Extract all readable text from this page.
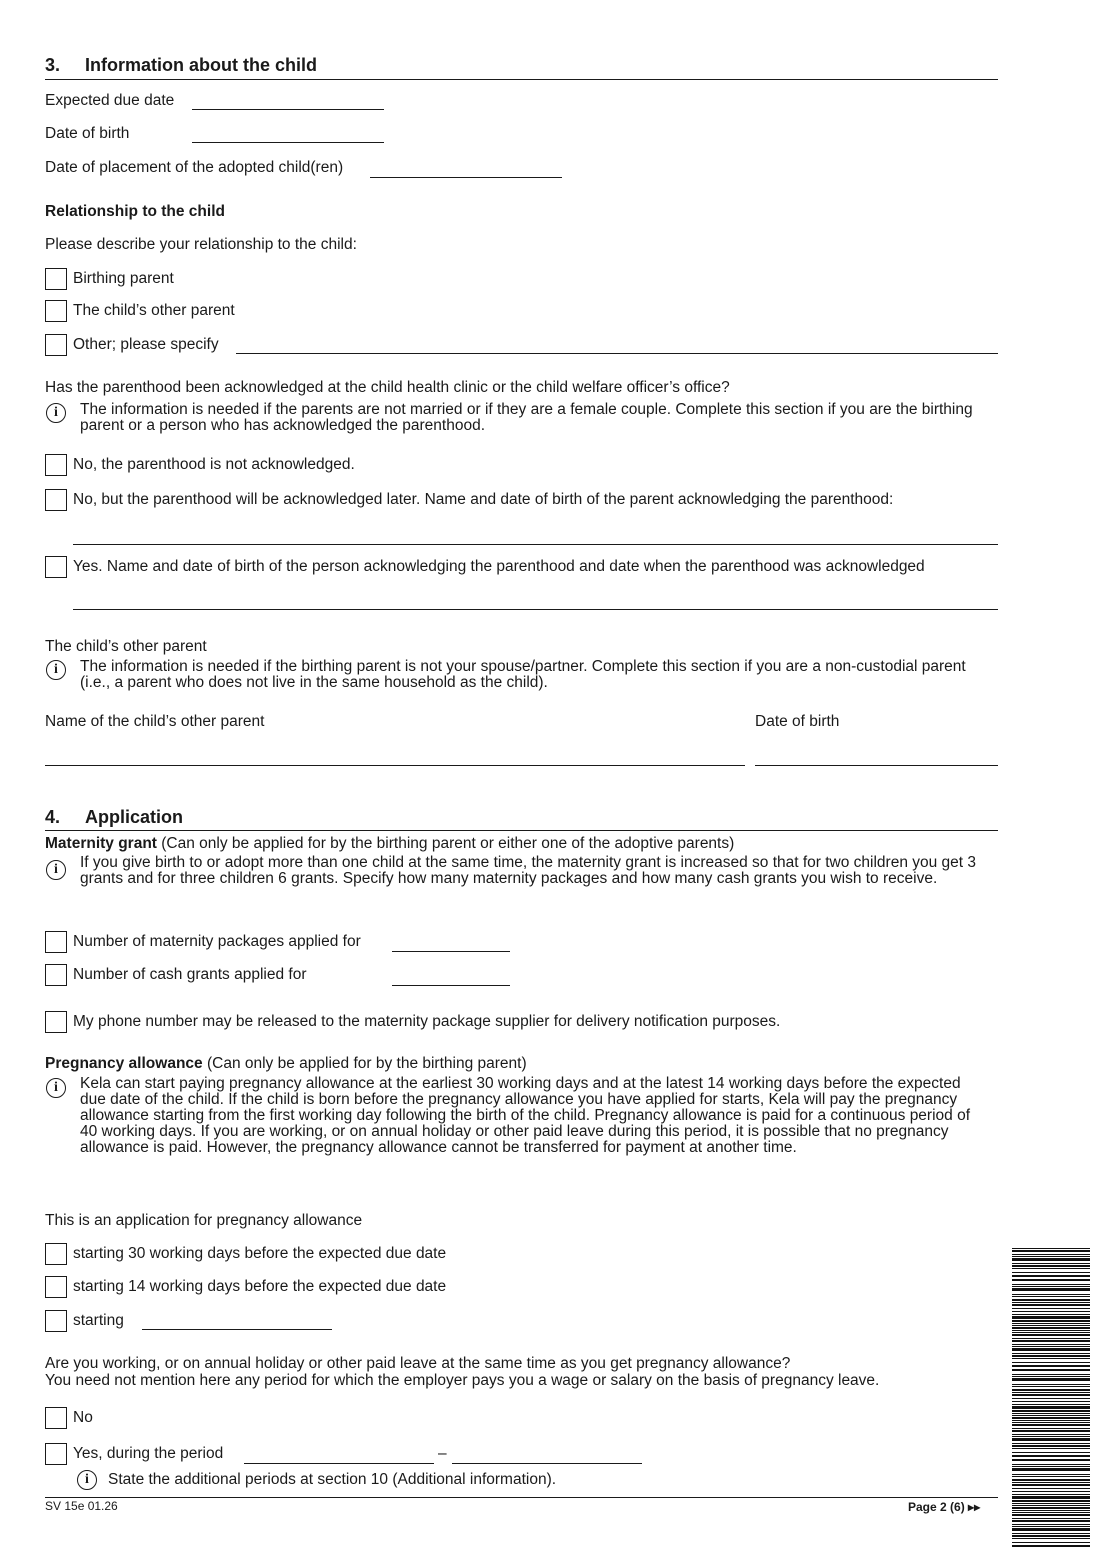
3. Information about the child
Expected due date
Date of birth
Date of placement of the adopted child(ren)
Relationship to the child
Please describe your relationship to the child:
Birthing parent
The child’s other parent
Other; please specify
Has the parenthood been acknowledged at the child health clinic or the child welfare officer’s office?
i	The information is needed if the parents are not married or if they are a female couple. Complete this section if you are the birthing parent or a person who has acknowledged the parenthood.
No, the parenthood is not acknowledged.
No, but the parenthood will be acknowledged later. Name and date of birth of the parent acknowledging the parenthood:
Yes. Name and date of birth of the person acknowledging the parenthood and date when the parenthood was acknowledged
The child’s other parent
i	The information is needed if the birthing parent is not your spouse/partner. Complete this section if you are a non-custodial parent (i.e., a parent who does not live in the same household as the child).
Name of the child’s other parent	Date of birth
4. Application
Maternity grant (Can only be applied for by the birthing parent or either one of the adoptive parents)
i	If you give birth to or adopt more than one child at the same time, the maternity grant is increased so that for two children you get 3 grants and for three children 6 grants. Specify how many maternity packages and how many cash grants you wish to receive.
Number of maternity packages applied for
Number of cash grants applied for
My phone number may be released to the maternity package supplier for delivery notification purposes.
Pregnancy allowance (Can only be applied for by the birthing parent)
i	Kela can start paying pregnancy allowance at the earliest 30 working days and at the latest 14 working days before the expected due date of the child. If the child is born before the pregnancy allowance you have applied for starts, Kela will pay the pregnancy allowance starting from the first working day following the birth of the child. Pregnancy allowance is paid for a continuous period of 40 working days. If you are working, or on annual holiday or other paid leave during this period, it is possible that no pregnancy allowance is paid. However, the pregnancy allowance cannot be transferred for payment at another time.
This is an application for pregnancy allowance
starting 30 working days before the expected due date
starting 14 working days before the expected due date
starting
Are you working, or on annual holiday or other paid leave at the same time as you get pregnancy allowance?
You need not mention here any period for which the employer pays you a wage or salary on the basis of pregnancy leave.
No
Yes, during the period	–
i	State the additional periods at section 10 (Additional information).
SV 15e 01.26	Page 2 (6) ▸▸
